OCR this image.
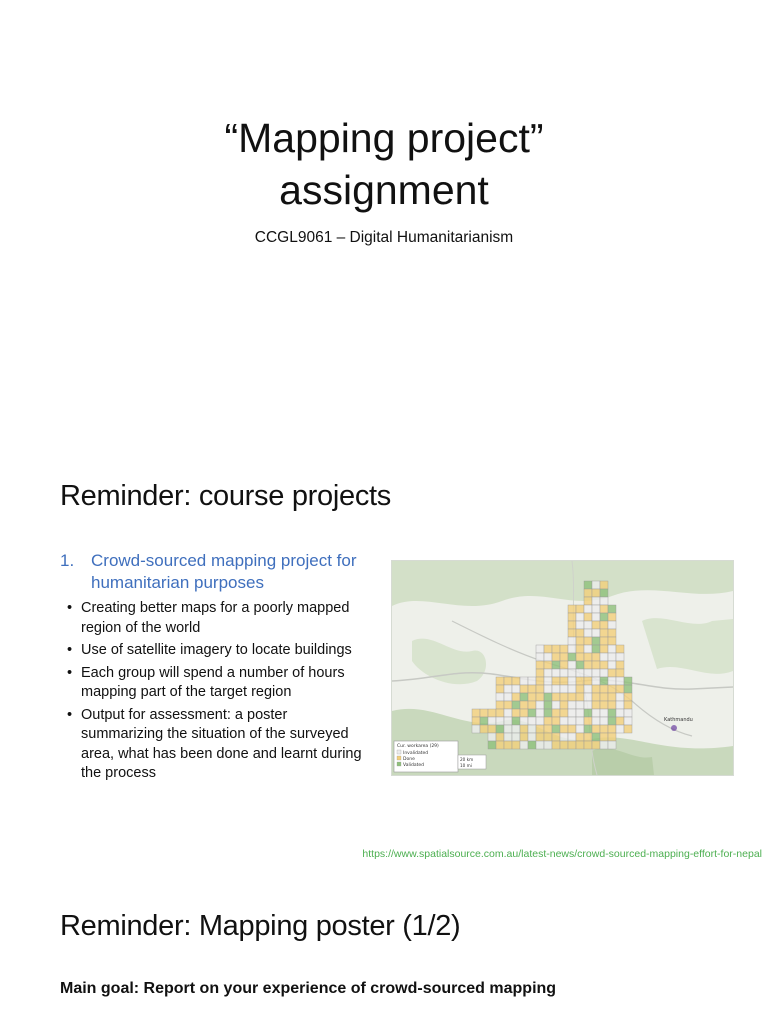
“Mapping project”
assignment
CCGL9061 – Digital Humanitarianism
Reminder: course projects
1. Crowd-sourced mapping project for humanitarian purposes
• Creating better maps for a poorly mapped region of the world
• Use of satellite imagery to locate buildings
• Each group will spend a number of hours mapping part of the target region
• Output for assessment: a poster summarizing the situation of the surveyed area, what has been done and learnt during the process
Cur. workarea (29)
Invalidated
Done
Validated
20 km
10 mi
Kathmandu
https://www.spatialsource.com.au/latest-news/crowd-sourced-mapping-effort-for-nepal
Reminder: Mapping poster (1/2)
Main goal: Report on your experience of crowd-sourced mapping
